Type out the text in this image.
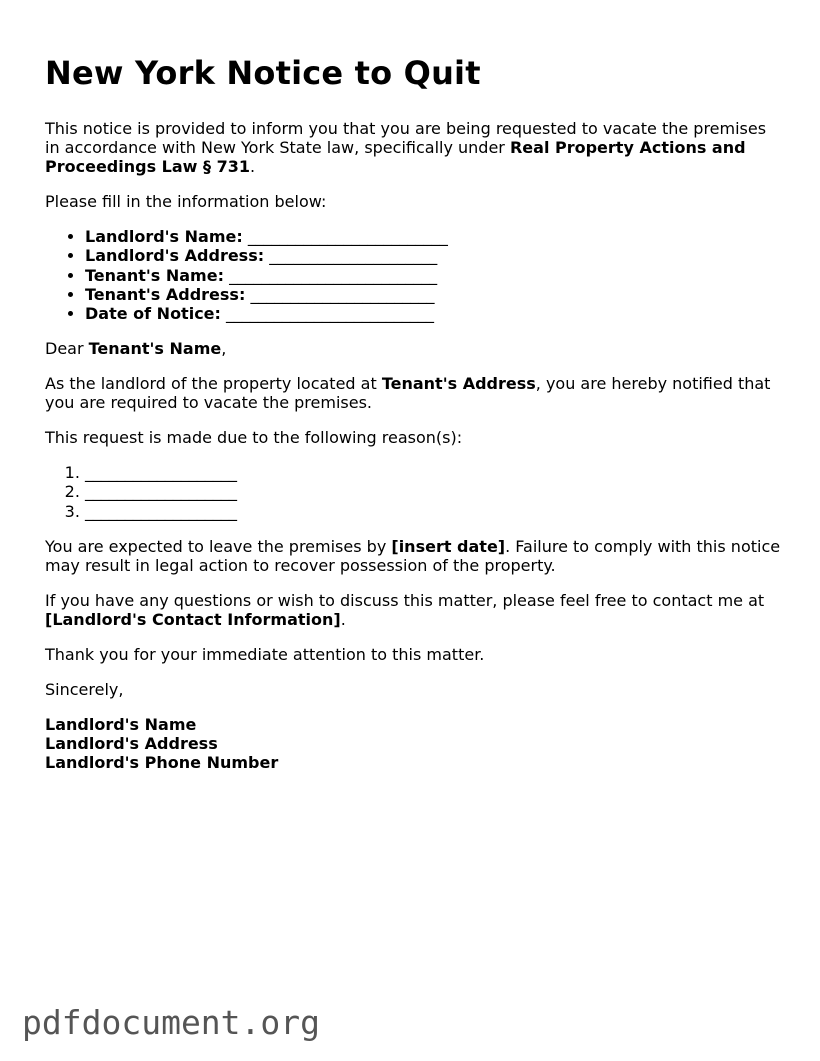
New York Notice to Quit

This notice is provided to inform you that you are being requested to vacate the premises in accordance with New York State law, specifically under Real Property Actions and Proceedings Law § 731.

Please fill in the information below:

• Landlord's Name: _________________________
• Landlord's Address: _____________________
• Tenant's Name: __________________________
• Tenant's Address: _______________________
• Date of Notice: __________________________

Dear Tenant's Name,

As the landlord of the property located at Tenant's Address, you are hereby notified that you are required to vacate the premises.

This request is made due to the following reason(s):

1. ___________________
2. ___________________
3. ___________________

You are expected to leave the premises by [insert date]. Failure to comply with this notice may result in legal action to recover possession of the property.

If you have any questions or wish to discuss this matter, please feel free to contact me at [Landlord's Contact Information].

Thank you for your immediate attention to this matter.

Sincerely,

Landlord's Name
Landlord's Address
Landlord's Phone Number
pdfdocument.org
